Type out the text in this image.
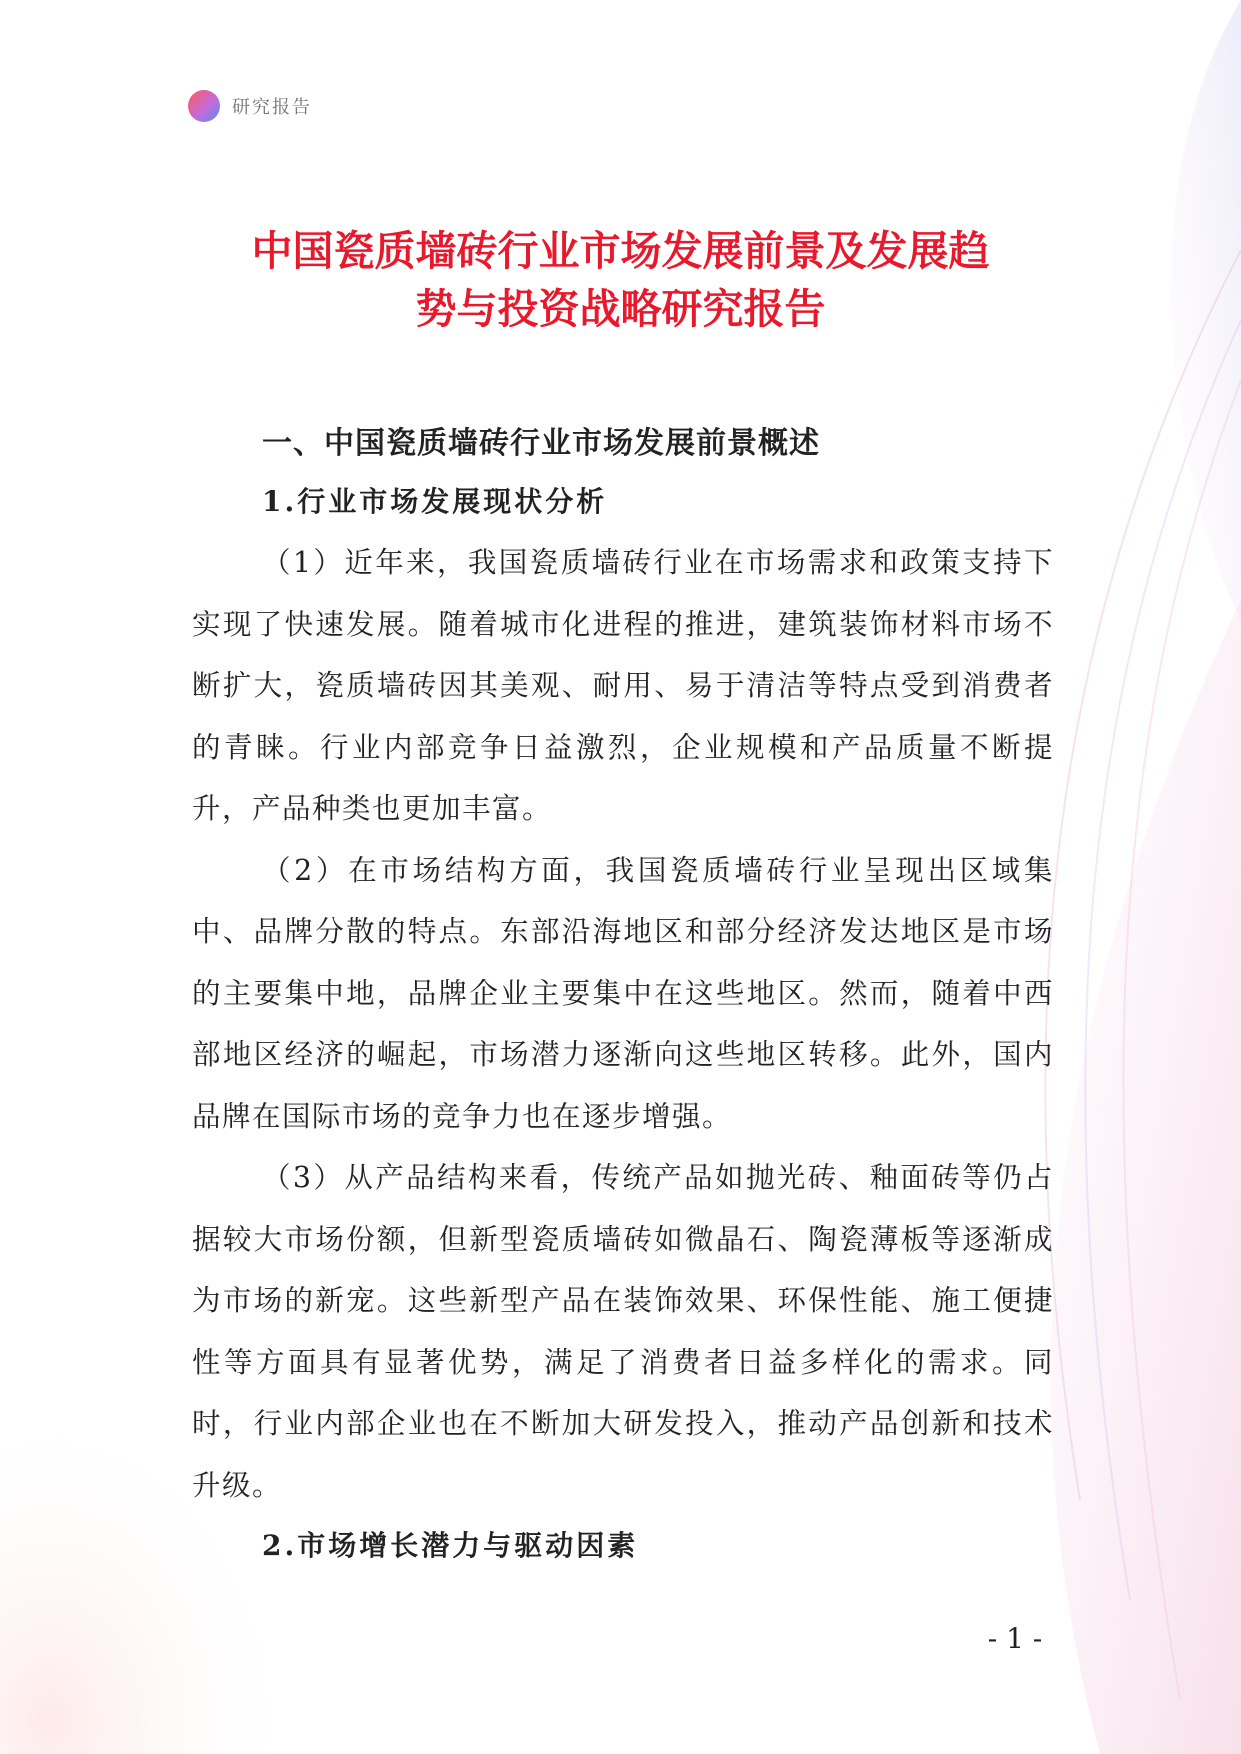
研究报告
中国瓷质墙砖行业市场发展前景及发展趋
势与投资战略研究报告
一、中国瓷质墙砖行业市场发展前景概述
1.行业市场发展现状分析

（1）近年来，我国瓷质墙砖行业在市场需求和政策支持下实现了快速发展。随着城市化进程的推进，建筑装饰材料市场不断扩大，瓷质墙砖因其美观、耐用、易于清洁等特点受到消费者的青睐。行业内部竞争日益激烈，企业规模和产品质量不断提升，产品种类也更加丰富。

（2）在市场结构方面，我国瓷质墙砖行业呈现出区域集中、品牌分散的特点。东部沿海地区和部分经济发达地区是市场的主要集中地，品牌企业主要集中在这些地区。然而，随着中西部地区经济的崛起，市场潜力逐渐向这些地区转移。此外，国内品牌在国际市场的竞争力也在逐步增强。

（3）从产品结构来看，传统产品如抛光砖、釉面砖等仍占据较大市场份额，但新型瓷质墙砖如微晶石、陶瓷薄板等逐渐成为市场的新宠。这些新型产品在装饰效果、环保性能、施工便捷性等方面具有显著优势，满足了消费者日益多样化的需求。同时，行业内部企业也在不断加大研发投入，推动产品创新和技术升级。

2.市场增长潜力与驱动因素
- 1 -
